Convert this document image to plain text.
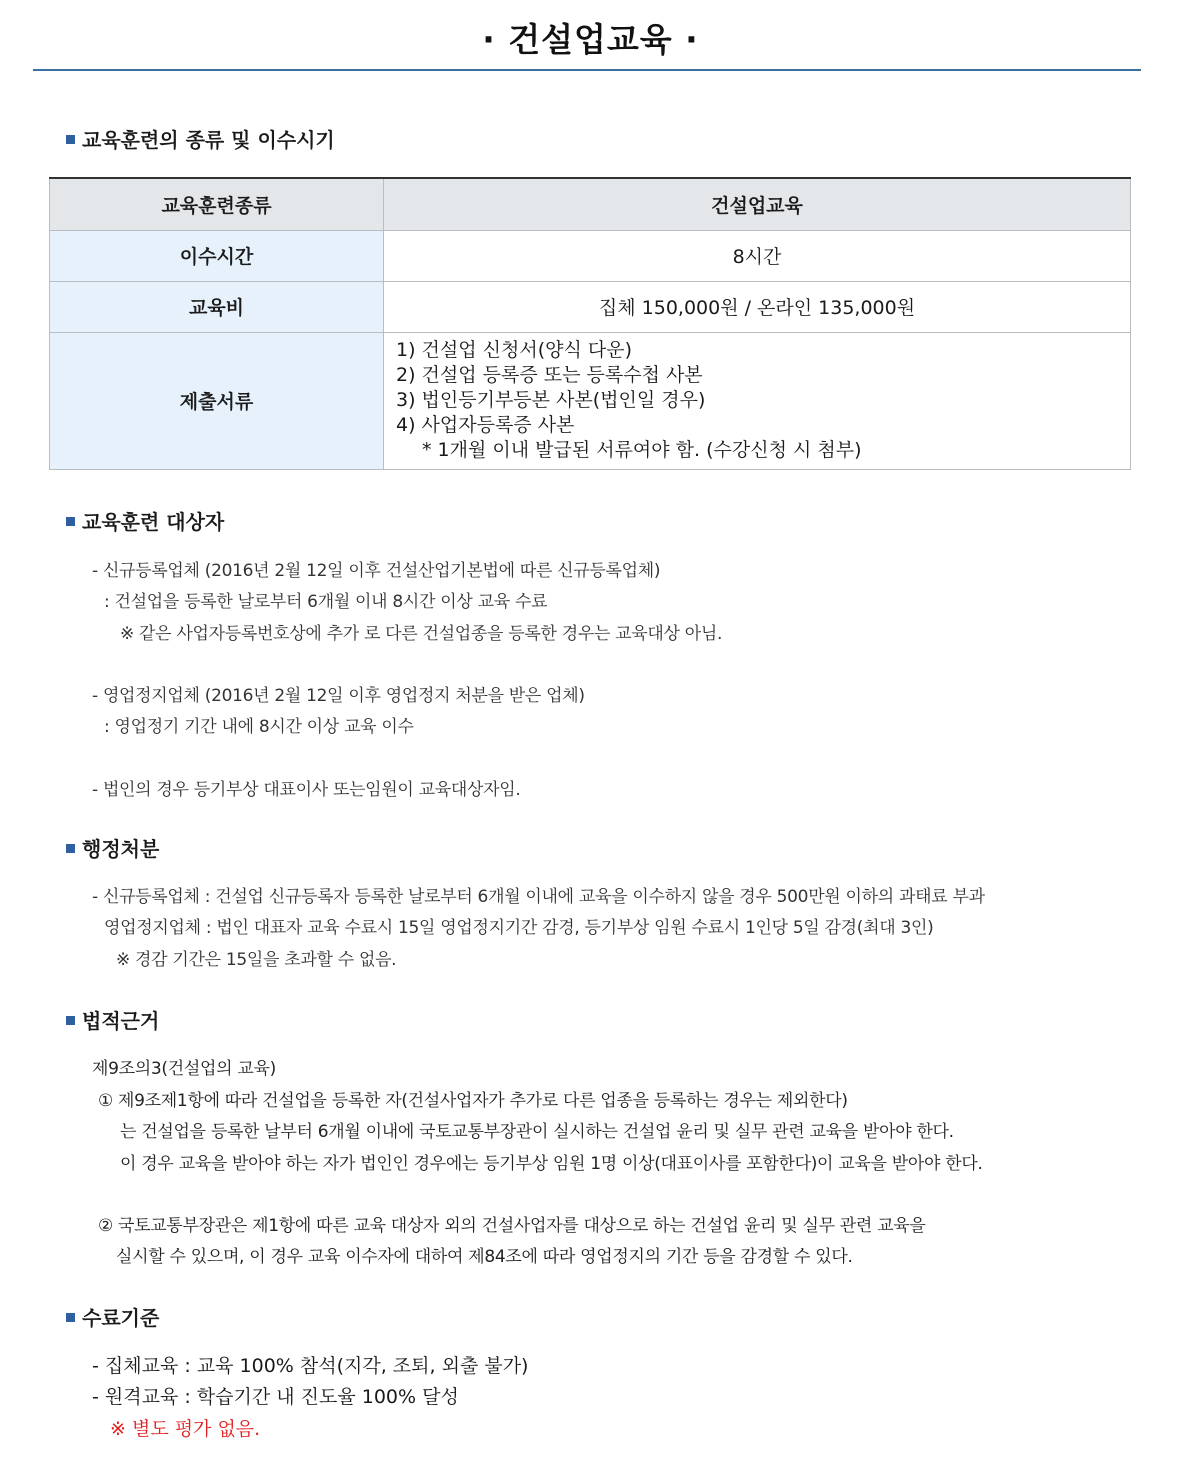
· 건설업교육 ·
교육훈련의 종류 및 이수시기
교육훈련종류	건설업교육
이수시간	8시간
교육비	집체 150,000원 / 온라인 135,000원
제출서류	1) 건설업 신청서(양식 다운)
2) 건설업 등록증 또는 등록수첩 사본
3) 법인등기부등본 사본(법인일 경우)
4) 사업자등록증 사본
* 1개월 이내 발급된 서류여야 함. (수강신청 시 첨부)
교육훈련 대상자
- 신규등록업체 (2016년 2월 12일 이후 건설산업기본법에 따른 신규등록업체)
: 건설업을 등록한 날로부터 6개월 이내 8시간 이상 교육 수료
※ 같은 사업자등록번호상에 추가 로 다른 건설업종을 등록한 경우는 교육대상 아님.
- 영업정지업체 (2016년 2월 12일 이후 영업정지 처분을 받은 업체)
: 영업정기 기간 내에 8시간 이상 교육 이수
- 법인의 경우 등기부상 대표이사 또는임원이 교육대상자임.
행정처분
- 신규등록업체 : 건설업 신규등록자 등록한 날로부터 6개월 이내에 교육을 이수하지 않을 경우 500만원 이하의 과태료 부과
영업정지업체 : 법인 대표자 교육 수료시 15일 영업정지기간 감경, 등기부상 임원 수료시 1인당 5일 감경(최대 3인)
※ 경감 기간은 15일을 초과할 수 없음.
법적근거
제9조의3(건설업의 교육)
① 제9조제1항에 따라 건설업을 등록한 자(건설사업자가 추가로 다른 업종을 등록하는 경우는 제외한다)
는 건설업을 등록한 날부터 6개월 이내에 국토교통부장관이 실시하는 건설업 윤리 및 실무 관련 교육을 받아야 한다.
이 경우 교육을 받아야 하는 자가 법인인 경우에는 등기부상 임원 1명 이상(대표이사를 포함한다)이 교육을 받아야 한다.
② 국토교통부장관은 제1항에 따른 교육 대상자 외의 건설사업자를 대상으로 하는 건설업 윤리 및 실무 관련 교육을
실시할 수 있으며, 이 경우 교육 이수자에 대하여 제84조에 따라 영업정지의 기간 등을 감경할 수 있다.
수료기준
- 집체교육 : 교육 100% 참석(지각, 조퇴, 외출 불가)
- 원격교육 : 학습기간 내 진도율 100% 달성
※ 별도 평가 없음.
